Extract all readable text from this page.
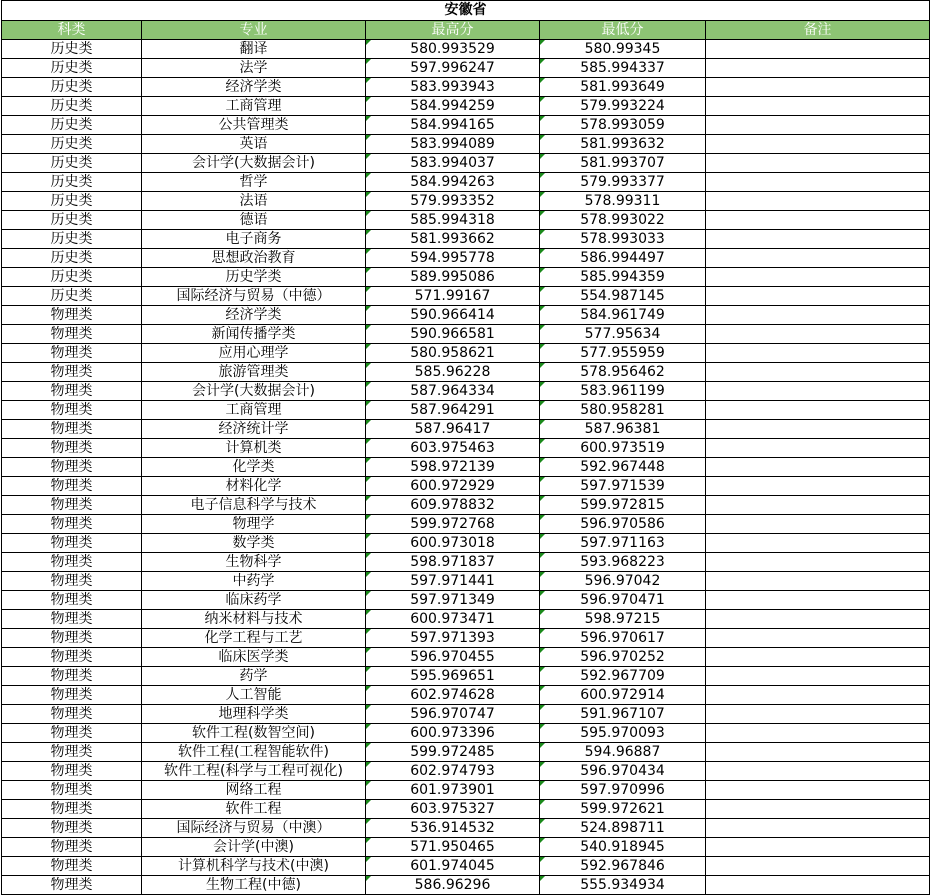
安徽省				
科类	专业	最高分	最低分	备注
历史类	翻译	580.993529	580.99345	
历史类	法学	597.996247	585.994337	
历史类	经济学类	583.993943	581.993649	
历史类	工商管理	584.994259	579.993224	
历史类	公共管理类	584.994165	578.993059	
历史类	英语	583.994089	581.993632	
历史类	会计学(大数据会计)	583.994037	581.993707	
历史类	哲学	584.994263	579.993377	
历史类	法语	579.993352	578.99311	
历史类	德语	585.994318	578.993022	
历史类	电子商务	581.993662	578.993033	
历史类	思想政治教育	594.995778	586.994497	
历史类	历史学类	589.995086	585.994359	
历史类	国际经济与贸易（中德）	571.99167	554.987145	
物理类	经济学类	590.966414	584.961749	
物理类	新闻传播学类	590.966581	577.95634	
物理类	应用心理学	580.958621	577.955959	
物理类	旅游管理类	585.96228	578.956462	
物理类	会计学(大数据会计)	587.964334	583.961199	
物理类	工商管理	587.964291	580.958281	
物理类	经济统计学	587.96417	587.96381	
物理类	计算机类	603.975463	600.973519	
物理类	化学类	598.972139	592.967448	
物理类	材料化学	600.972929	597.971539	
物理类	电子信息科学与技术	609.978832	599.972815	
物理类	物理学	599.972768	596.970586	
物理类	数学类	600.973018	597.971163	
物理类	生物科学	598.971837	593.968223	
物理类	中药学	597.971441	596.97042	
物理类	临床药学	597.971349	596.970471	
物理类	纳米材料与技术	600.973471	598.97215	
物理类	化学工程与工艺	597.971393	596.970617	
物理类	临床医学类	596.970455	596.970252	
物理类	药学	595.969651	592.967709	
物理类	人工智能	602.974628	600.972914	
物理类	地理科学类	596.970747	591.967107	
物理类	软件工程(数智空间)	600.973396	595.970093	
物理类	软件工程(工程智能软件)	599.972485	594.96887	
物理类	软件工程(科学与工程可视化)	602.974793	596.970434	
物理类	网络工程	601.973901	597.970996	
物理类	软件工程	603.975327	599.972621	
物理类	国际经济与贸易（中澳）	536.914532	524.898711	
物理类	会计学(中澳)	571.950465	540.918945	
物理类	计算机科学与技术(中澳)	601.974045	592.967846	
物理类	生物工程(中德)	586.96296	555.934934	
